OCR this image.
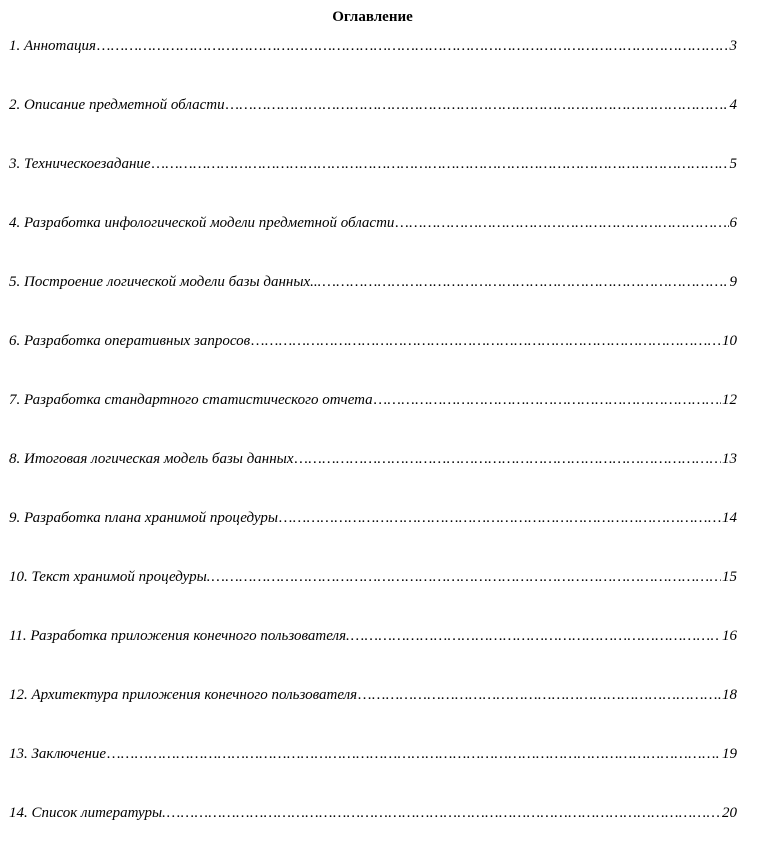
Оглавление
1. Аннотация ……………………………………………………………………………………………………………………………………………………	3
2. Описание предметной области ……………………………………………………………………………………………………………………………………………………	4
3. Техническоезадание ……………………………………………………………………………………………………………………………………………………	5
4. Разработка инфологической модели предметной области ……………………………………………………………………………………………………………………………………………………	6
5. Построение логической модели базы данных... ……………………………………………………………………………………………………………………………………………………	9
6. Разработка оперативных запросов ……………………………………………………………………………………………………………………………………………………	10
7. Разработка стандартного статистического отчета ……………………………………………………………………………………………………………………………………………………	12
8. Итоговая логическая модель базы данных ……………………………………………………………………………………………………………………………………………………	13
9. Разработка плана хранимой процедуры ……………………………………………………………………………………………………………………………………………………	14
10. Текст хранимой процедуры. ……………………………………………………………………………………………………………………………………………………	15
11. Разработка приложения конечного пользователя. ……………………………………………………………………………………………………………………………………………………	16
12. Архитектура приложения конечного пользователя ……………………………………………………………………………………………………………………………………………………	18
13. Заключение ……………………………………………………………………………………………………………………………………………………	19
14. Список литературы. ……………………………………………………………………………………………………………………………………………………	20
